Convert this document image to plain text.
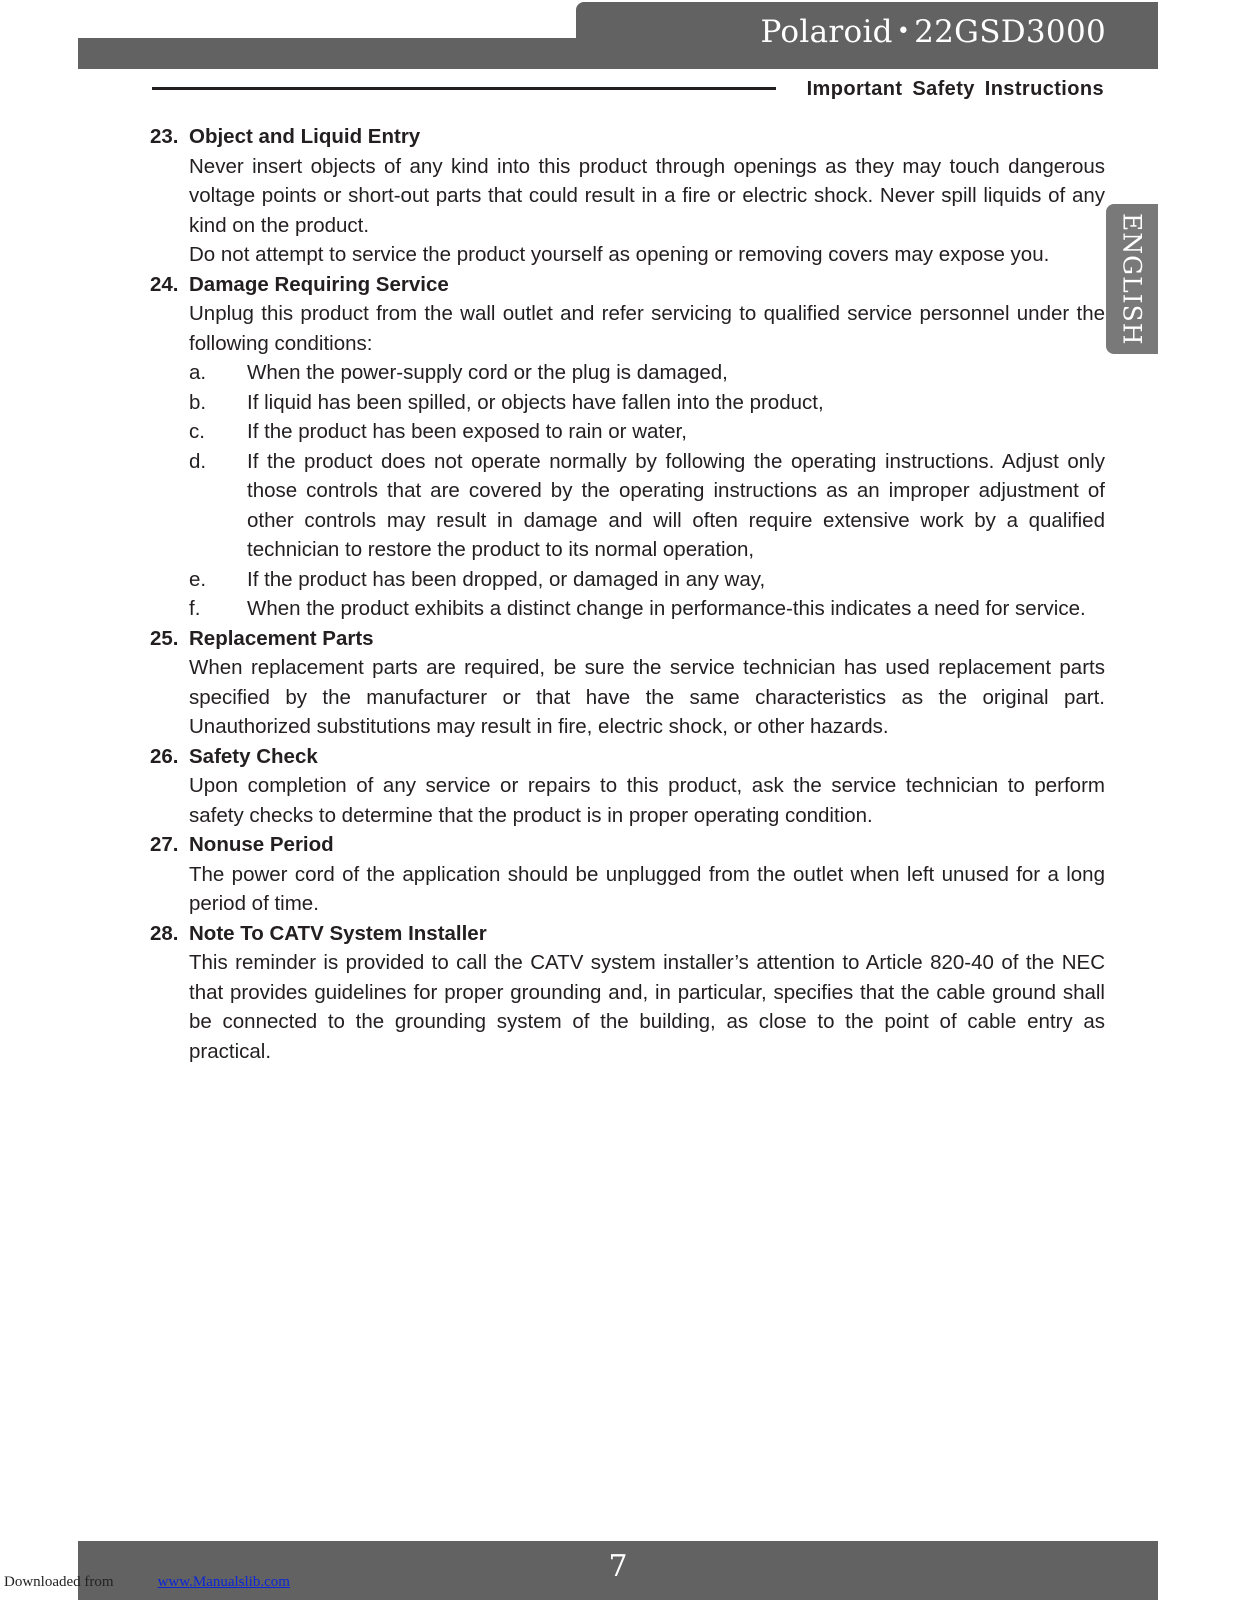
Polaroid • 22GSD3000
Important Safety Instructions
ENGLISH
23. Object and Liquid Entry
Never insert objects of any kind into this product through openings as they may touch dangerous voltage points or short-out parts that could result in a fire or electric shock. Never spill liquids of any kind on the product.
Do not attempt to service the product yourself as opening or removing covers may expose you.
24. Damage Requiring Service
Unplug this product from the wall outlet and refer servicing to qualified service personnel under the following conditions:
a. When the power-supply cord or the plug is damaged,
b. If liquid has been spilled, or objects have fallen into the product,
c. If the product has been exposed to rain or water,
d. If the product does not operate normally by following the operating instructions. Adjust only those controls that are covered by the operating instructions as an improper adjustment of other controls may result in damage and will often require extensive work by a qualified technician to restore the product to its normal operation,
e. If the product has been dropped, or damaged in any way,
f. When the product exhibits a distinct change in performance-this indicates a need for service.
25. Replacement Parts
When replacement parts are required, be sure the service technician has used replacement parts specified by the manufacturer or that have the same characteristics as the original part. Unauthorized substitutions may result in fire, electric shock, or other hazards.
26. Safety Check
Upon completion of any service or repairs to this product, ask the service technician to perform safety checks to determine that the product is in proper operating condition.
27. Nonuse Period
The power cord of the application should be unplugged from the outlet when left unused for a long period of time.
28. Note To CATV System Installer
This reminder is provided to call the CATV system installer’s attention to Article 820-40 of the NEC that provides guidelines for proper grounding and, in particular, specifies that the cable ground shall be connected to the grounding system of the building, as close to the point of cable entry as practical.
7
Downloaded from	www.Manualslib.com
